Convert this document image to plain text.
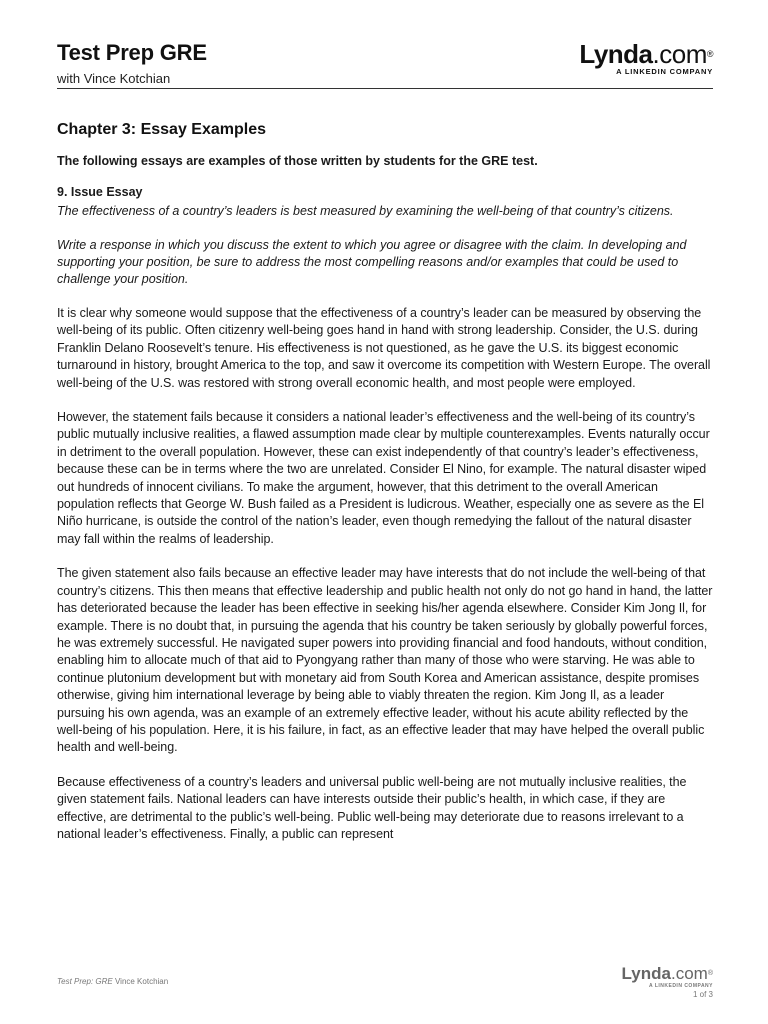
Test Prep GRE
with Vince Kotchian
Lynda.com®
A LINKEDIN COMPANY
Chapter 3: Essay Examples

The following essays are examples of those written by students for the GRE test.

9. Issue Essay

The effectiveness of a country’s leaders is best measured by examining the well-being of that country’s citizens.

Write a response in which you discuss the extent to which you agree or disagree with the claim. In developing and supporting your position, be sure to address the most compelling reasons and/or examples that could be used to challenge your position.

It is clear why someone would suppose that the effectiveness of a country’s leader can be measured by observing the well-being of its public. Often citizenry well-being goes hand in hand with strong leadership. Consider, the U.S. during Franklin Delano Roosevelt’s tenure. His effectiveness is not questioned, as he gave the U.S. its biggest economic turnaround in history, brought America to the top, and saw it overcome its competition with Western Europe. The overall well-being of the U.S. was restored with strong overall economic health, and most people were employed.

However, the statement fails because it considers a national leader’s effectiveness and the well-being of its country’s public mutually inclusive realities, a flawed assumption made clear by multiple counterexamples. Events naturally occur in detriment to the overall population. However, these can exist independently of that country’s leader’s effectiveness, because these can be in terms where the two are unrelated. Consider El Nino, for example. The natural disaster wiped out hundreds of innocent civilians. To make the argument, however, that this detriment to the overall American population reflects that George W. Bush failed as a President is ludicrous. Weather, especially one as severe as the El Niño hurricane, is outside the control of the nation’s leader, even though remedying the fallout of the natural disaster may fall within the realms of leadership.

The given statement also fails because an effective leader may have interests that do not include the well-being of that country’s citizens. This then means that effective leadership and public health not only do not go hand in hand, the latter has deteriorated because the leader has been effective in seeking his/her agenda elsewhere. Consider Kim Jong Il, for example. There is no doubt that, in pursuing the agenda that his country be taken seriously by globally powerful forces, he was extremely successful. He navigated super powers into providing financial and food handouts, without condition, enabling him to allocate much of that aid to Pyongyang rather than many of those who were starving. He was able to continue plutonium development but with monetary aid from South Korea and American assistance, despite promises otherwise, giving him international leverage by being able to viably threaten the region. Kim Jong Il, as a leader pursuing his own agenda, was an example of an extremely effective leader, without his acute ability reflected by the well-being of his population. Here, it is his failure, in fact, as an effective leader that may have helped the overall public health and well-being.

Because effectiveness of a country’s leaders and universal public well-being are not mutually inclusive realities, the given statement fails. National leaders can have interests outside their public’s health, in which case, if they are effective, are detrimental to the public’s well-being. Public well-being may deteriorate due to reasons irrelevant to a national leader’s effectiveness. Finally, a public can represent

Test Prep: GRE Vince Kotchian	Lynda.com®
A LINKEDIN COMPANY
1 of 3
